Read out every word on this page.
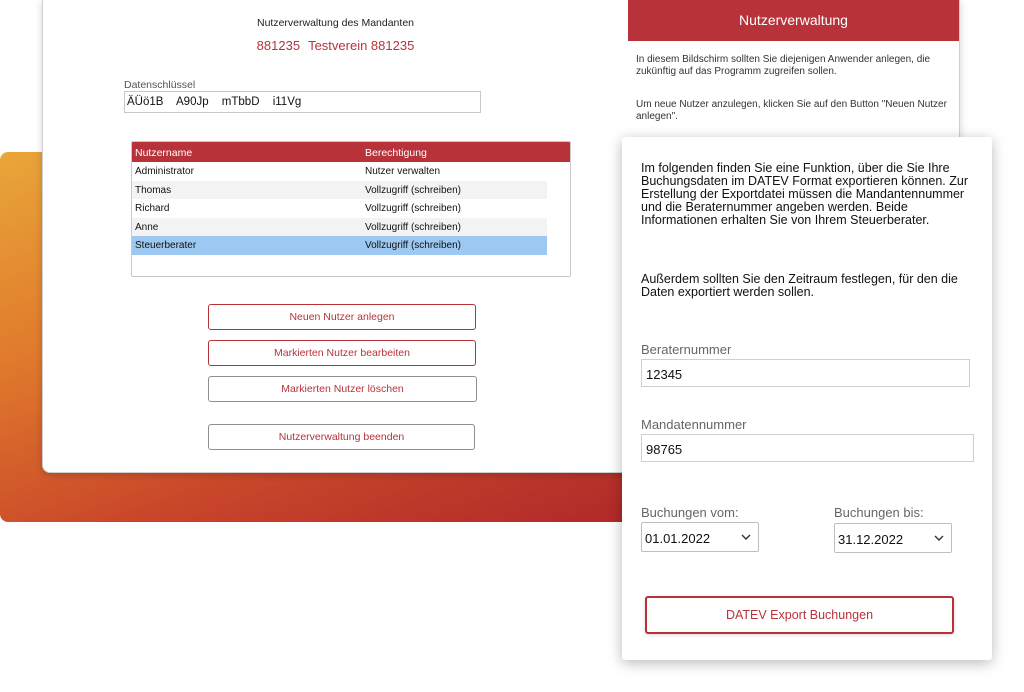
Nutzerverwaltung des Mandanten
881235 Testverein 881235
Datenschlüssel
ÄÜö1B A90Jp mTbbD i11Vg
Nutzername	Berechtigung
Administrator	Nutzer verwalten
Thomas	Vollzugriff (schreiben)
Richard	Vollzugriff (schreiben)
Anne	Vollzugriff (schreiben)
Steuerberater	Vollzugriff (schreiben)
Neuen Nutzer anlegen
Markierten Nutzer bearbeiten
Markierten Nutzer löschen
Nutzerverwaltung beenden
Nutzerverwaltung
In diesem Bildschirm sollten Sie diejenigen Anwender anlegen, die zukünftig auf das Programm zugreifen sollen.
Um neue Nutzer anzulegen, klicken Sie auf den Button "Neuen Nutzer anlegen".
Im folgenden finden Sie eine Funktion, über die Sie Ihre Buchungsdaten im DATEV Format exportieren können. Zur Erstellung der Exportdatei müssen die Mandantennummer und die Beraternummer angeben werden. Beide Informationen erhalten Sie von Ihrem Steuerberater.
Außerdem sollten Sie den Zeitraum festlegen, für den die Daten exportiert werden sollen.
Beraternummer
12345
Mandatennummer
98765
Buchungen vom:
01.01.2022
Buchungen bis:
31.12.2022
DATEV Export Buchungen
